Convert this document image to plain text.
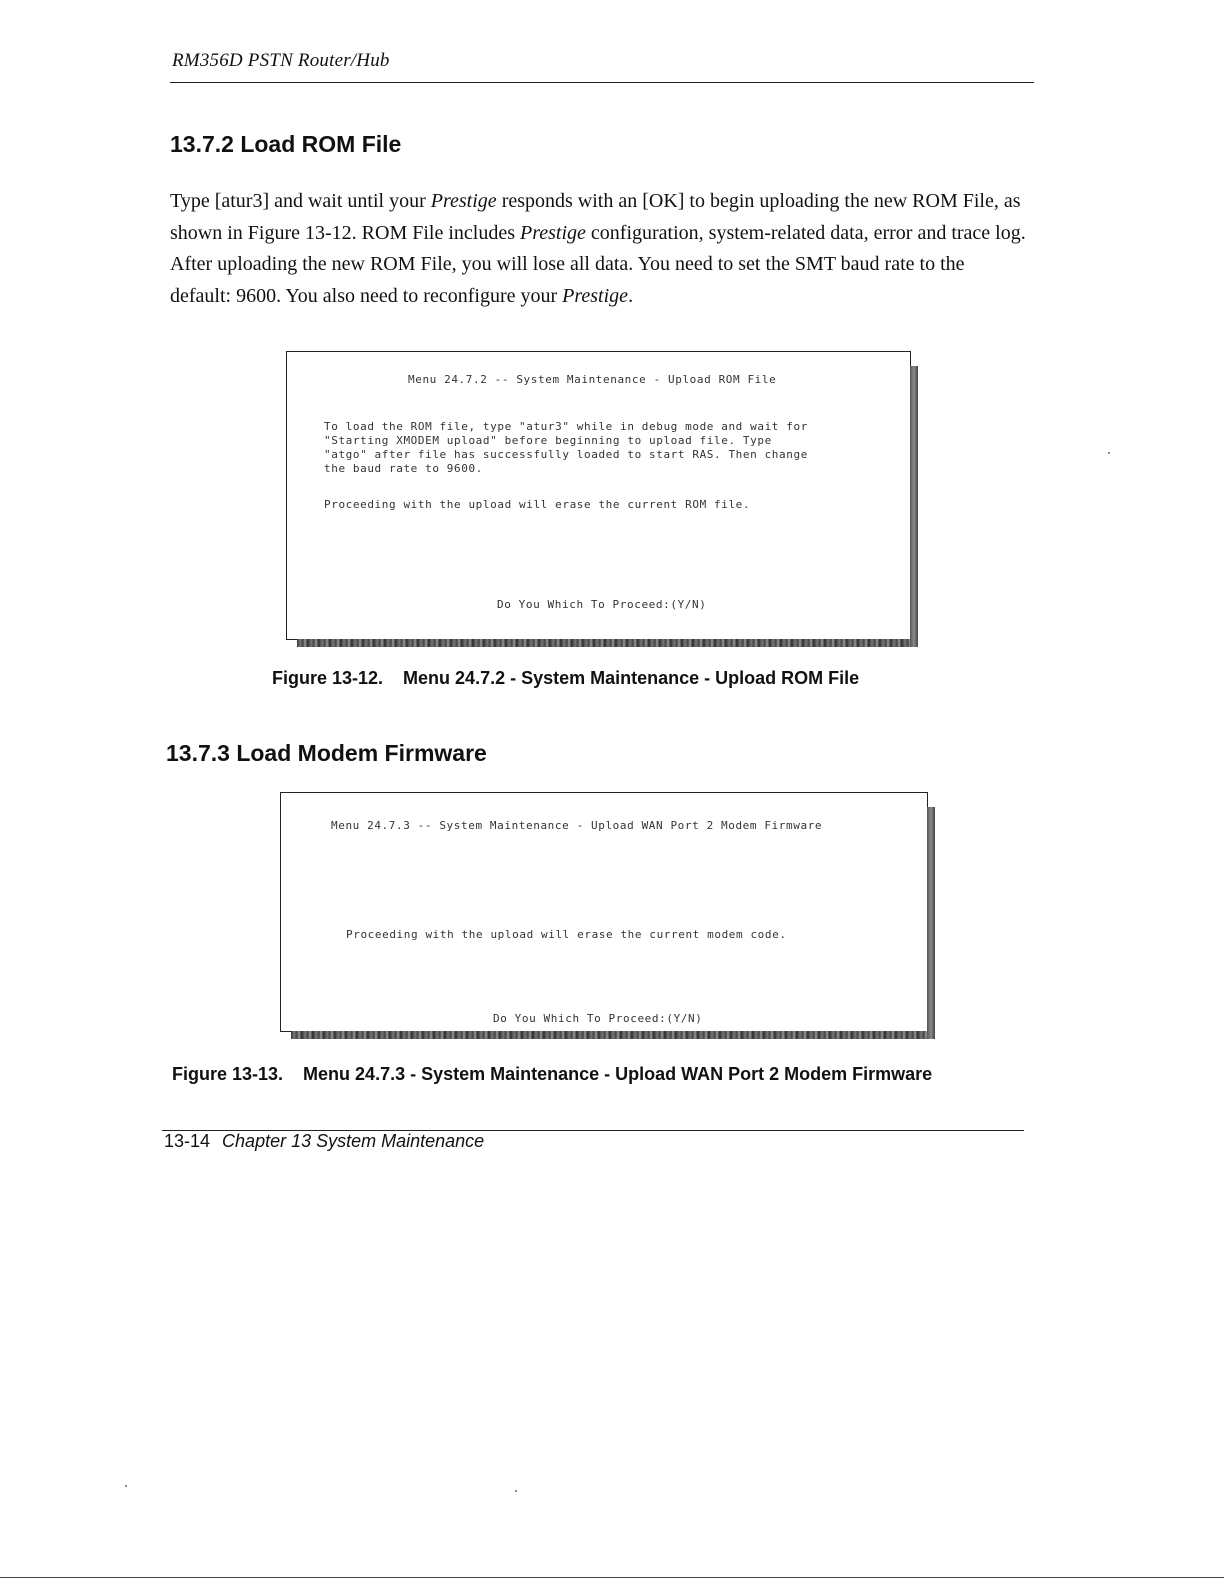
RM356D PSTN Router/Hub
13.7.2 Load ROM File

Type [atur3] and wait until your Prestige responds with an [OK] to begin uploading the new ROM File, as shown in Figure 13-12. ROM File includes Prestige configuration, system-related data, error and trace log. After uploading the new ROM File, you will lose all data. You need to set the SMT baud rate to the default: 9600. You also need to reconfigure your Prestige.

Menu 24.7.2 -- System Maintenance - Upload ROM File
To load the ROM file, type "atur3" while in debug mode and wait for
"Starting XMODEM upload" before beginning to upload file. Type
"atgo" after file has successfully loaded to start RAS. Then change
the baud rate to 9600.
Proceeding with the upload will erase the current ROM file.
Do You Which To Proceed:(Y/N)

Figure 13-12.    Menu 24.7.2 - System Maintenance - Upload ROM File

13.7.3 Load Modem Firmware
Menu 24.7.3 -- System Maintenance - Upload WAN Port 2 Modem Firmware
Proceeding with the upload will erase the current modem code.
Do You Which To Proceed:(Y/N)

Figure 13-13.    Menu 24.7.3 - System Maintenance - Upload WAN Port 2 Modem Firmware

13-14 Chapter 13 System Maintenance
